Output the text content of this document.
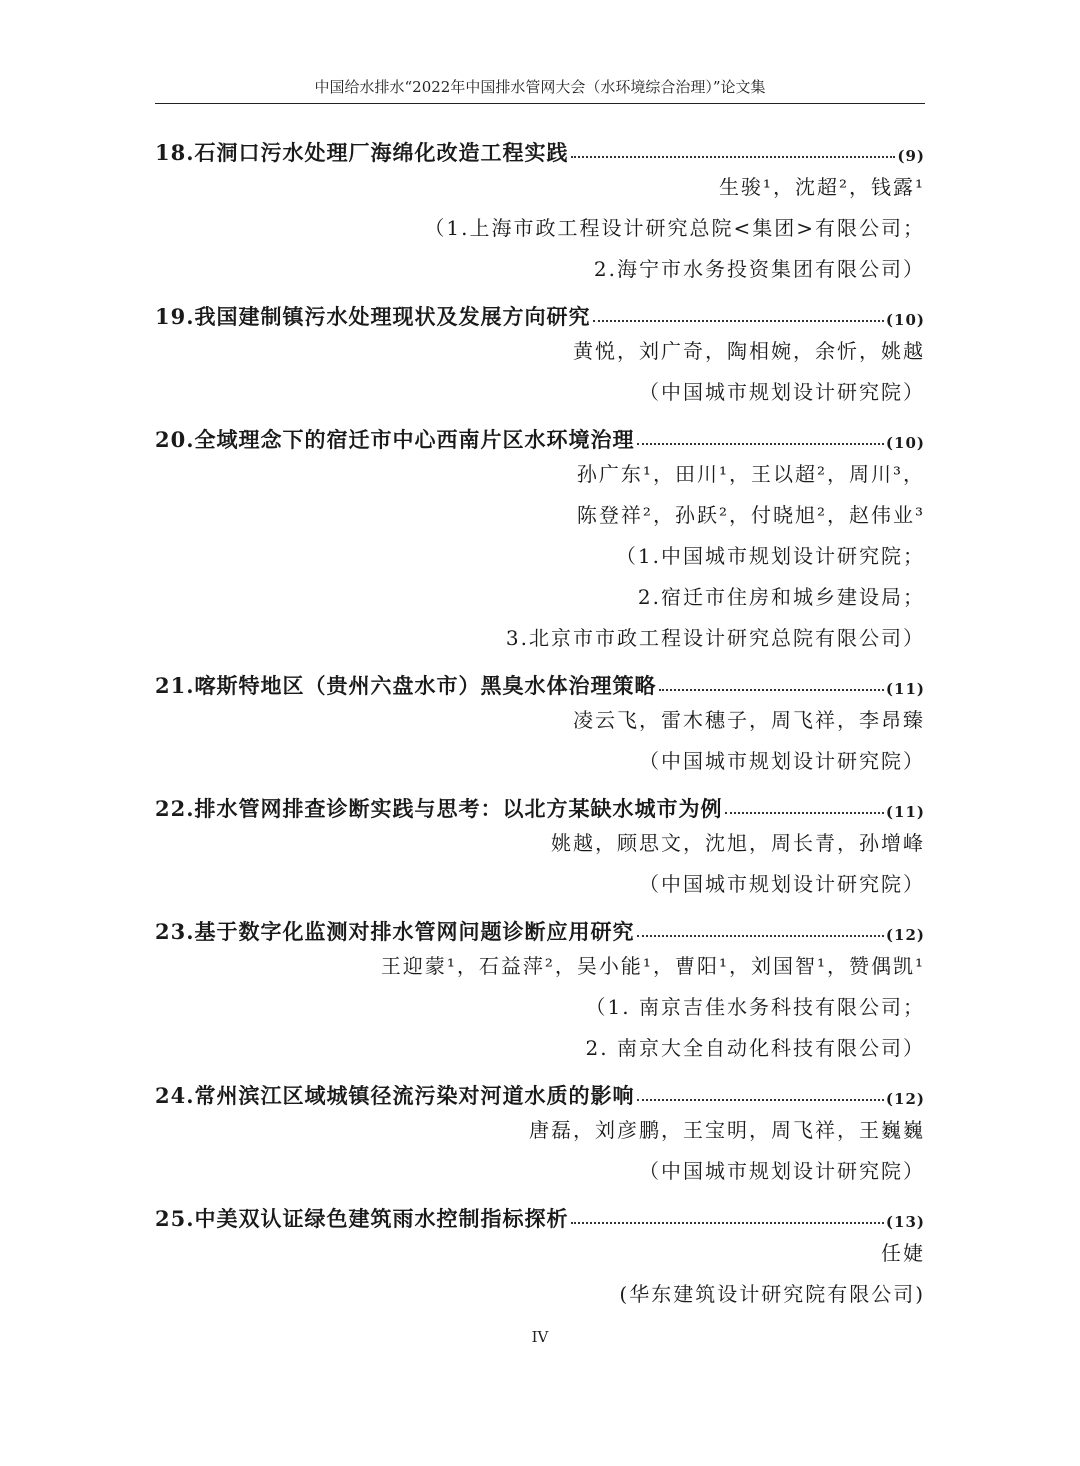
中国给水排水“2022年中国排水管网大会（水环境综合治理）”论文集
18.石洞口污水处理厂海绵化改造工程实践	(9)
生骏¹，沈超²，钱露¹
（1.上海市政工程设计研究总院<集团>有限公司；
2.海宁市水务投资集团有限公司）
19.我国建制镇污水处理现状及发展方向研究	(10)
黄悦，刘广奇，陶相婉，余忻，姚越
（中国城市规划设计研究院）
20.全域理念下的宿迁市中心西南片区水环境治理	(10)
孙广东¹，田川¹，王以超²，周川³，
陈登祥²，孙跃²，付晓旭²，赵伟业³
（1.中国城市规划设计研究院；
2.宿迁市住房和城乡建设局；
3.北京市市政工程设计研究总院有限公司）
21.喀斯特地区（贵州六盘水市）黑臭水体治理策略	(11)
凌云飞，雷木穗子，周飞祥，李昂臻
（中国城市规划设计研究院）
22.排水管网排查诊断实践与思考：以北方某缺水城市为例	(11)
姚越，顾思文，沈旭，周长青，孙增峰
（中国城市规划设计研究院）
23.基于数字化监测对排水管网问题诊断应用研究	(12)
王迎蒙¹，石益萍²，吴小能¹，曹阳¹，刘国智¹，赞偶凯¹
（1. 南京吉佳水务科技有限公司；
2. 南京大全自动化科技有限公司）
24.常州滨江区域城镇径流污染对河道水质的影响	(12)
唐磊，刘彦鹏，王宝明，周飞祥，王巍巍
（中国城市规划设计研究院）
25.中美双认证绿色建筑雨水控制指标探析	(13)
任婕
(华东建筑设计研究院有限公司)
IV
